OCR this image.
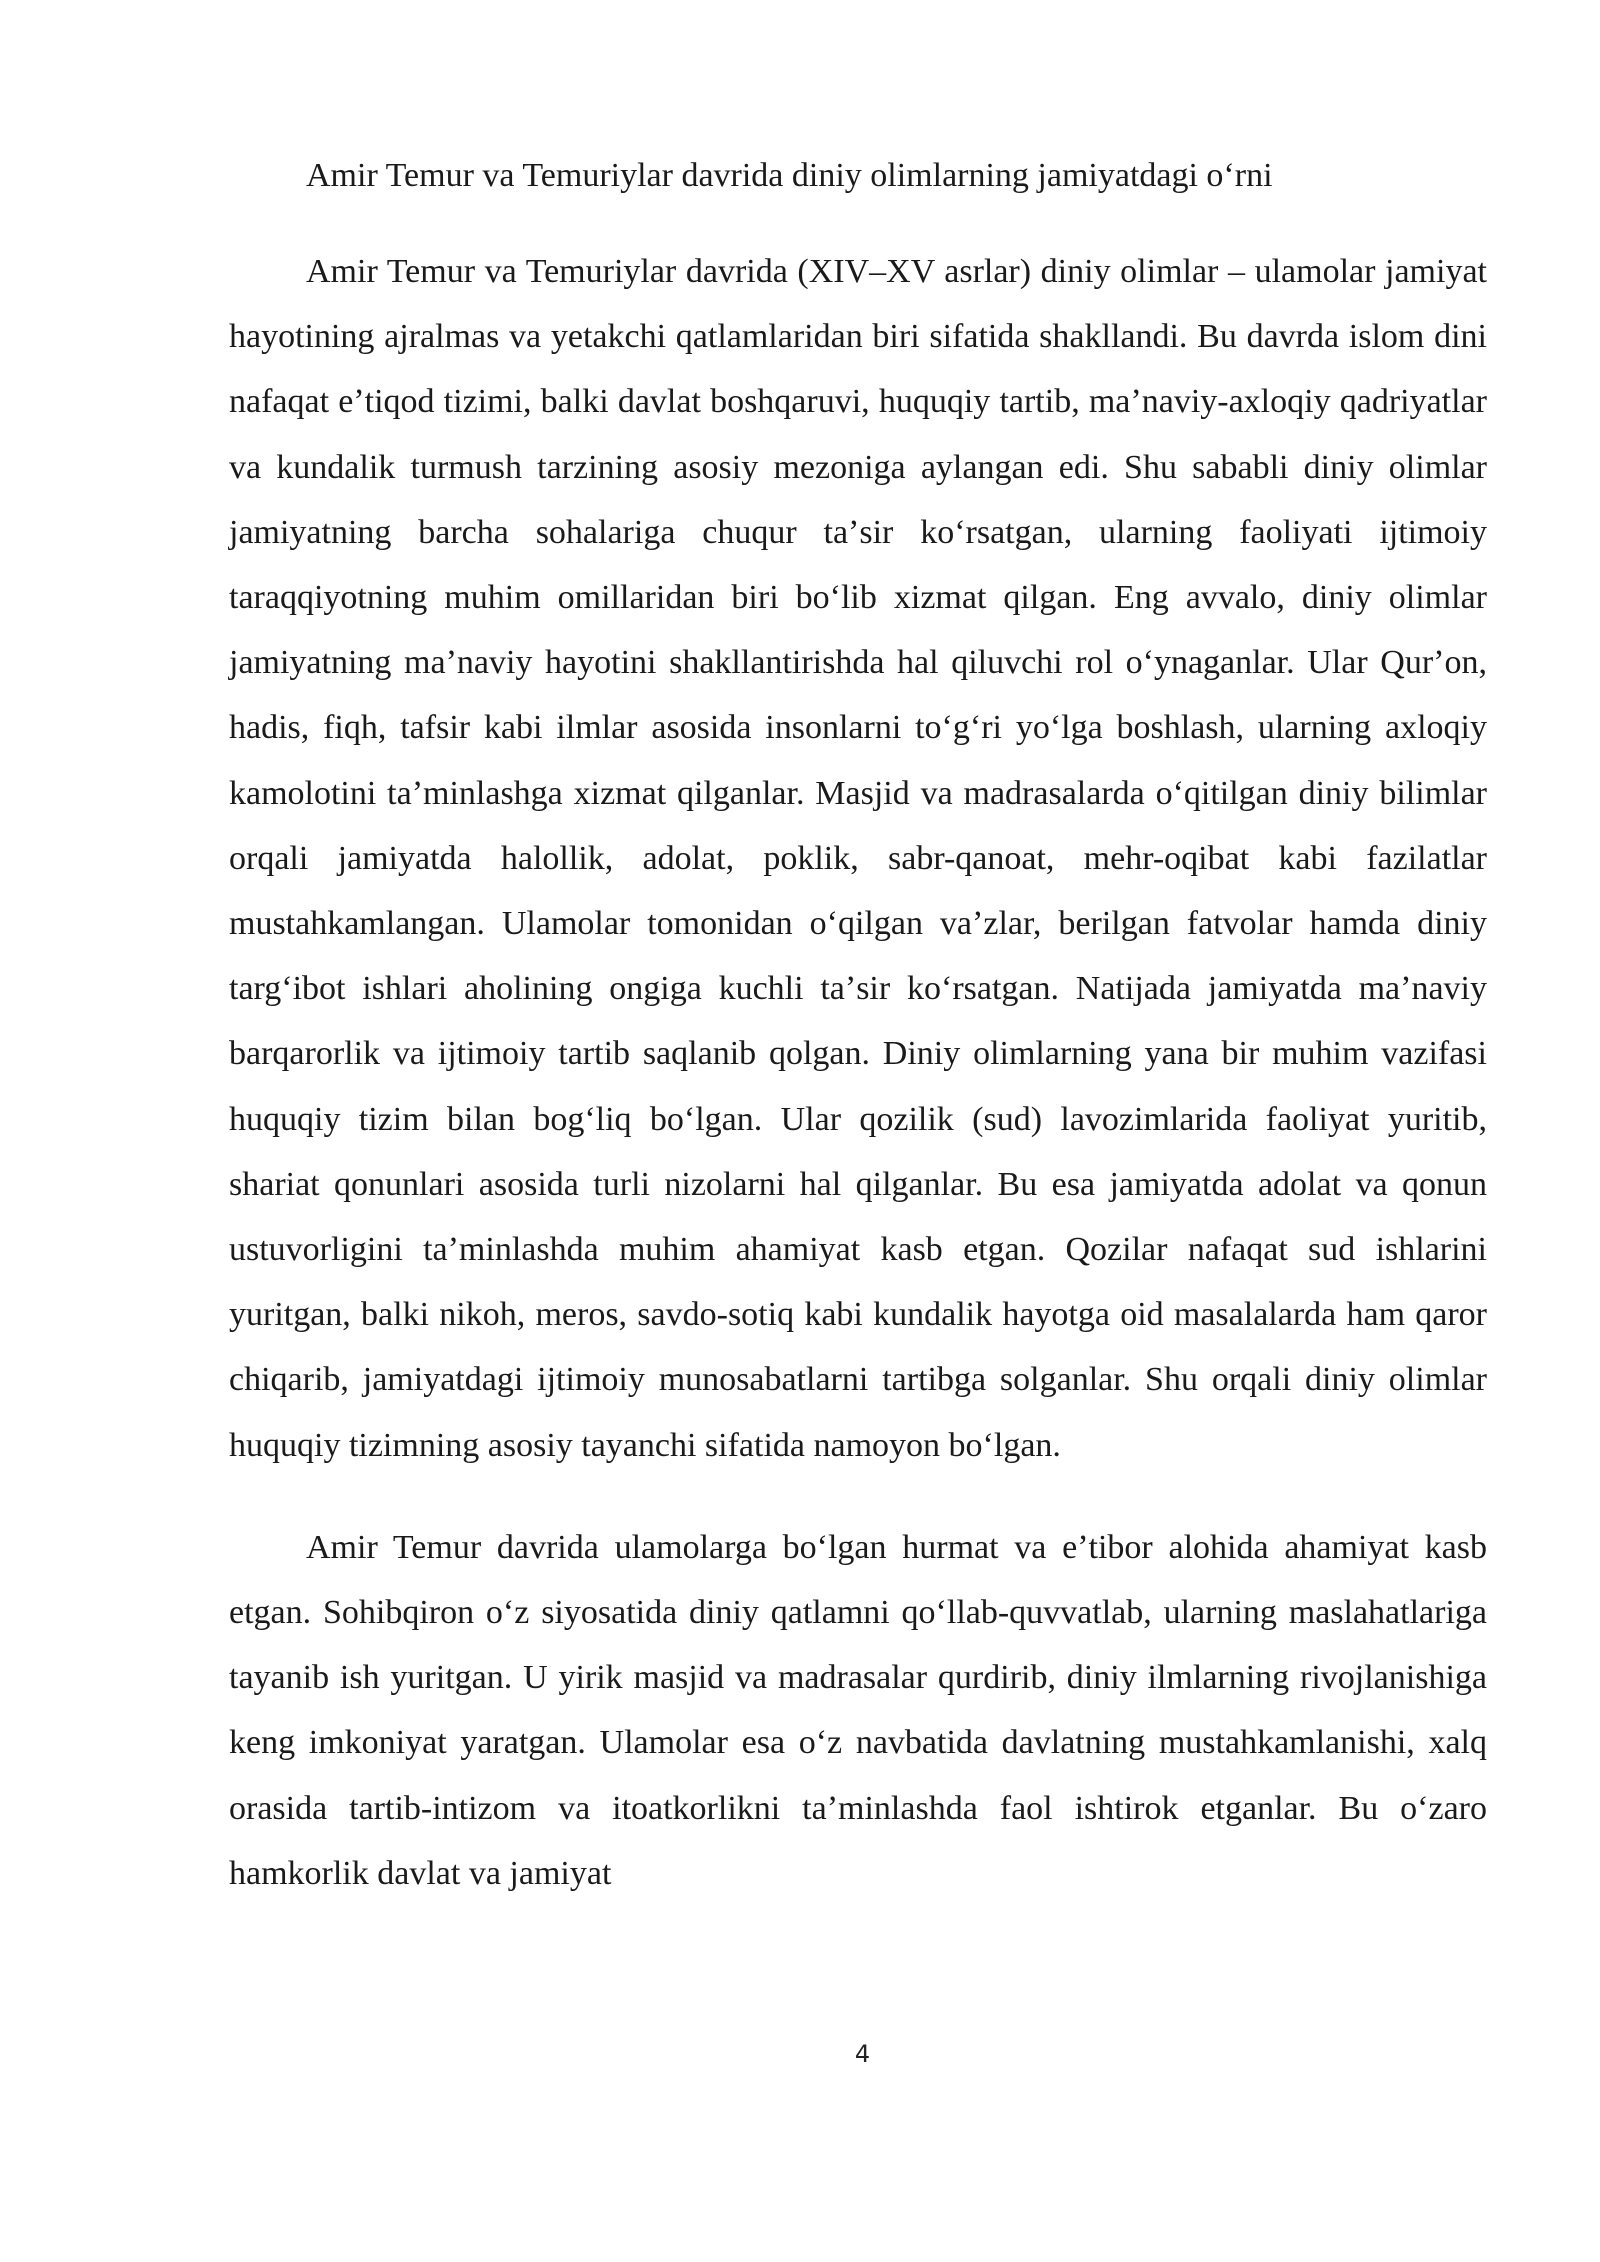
Amir Temur va Temuriylar davrida diniy olimlarning jamiyatdagi oʻrni

Amir Temur va Temuriylar davrida (XIV–XV asrlar) diniy olimlar – ulamolar jamiyat hayotining ajralmas va yetakchi qatlamlaridan biri sifatida shakllandi. Bu davrda islom dini nafaqat eʼtiqod tizimi, balki davlat boshqaruvi, huquqiy tartib, maʼnaviy-axloqiy qadriyatlar va kundalik turmush tarzining asosiy mezoniga aylangan edi. Shu sababli diniy olimlar jamiyatning barcha sohalariga chuqur taʼsir koʻrsatgan, ularning faoliyati ijtimoiy taraqqiyotning muhim omillaridan biri boʻlib xizmat qilgan. Eng avvalo, diniy olimlar jamiyatning maʼnaviy hayotini shakllantirishda hal qiluvchi rol oʻynaganlar. Ular Qurʼon, hadis, fiqh, tafsir kabi ilmlar asosida insonlarni toʻgʻri yoʻlga boshlash, ularning axloqiy kamolotini taʼminlashga xizmat qilganlar. Masjid va madrasalarda oʻqitilgan diniy bilimlar orqali jamiyatda halollik, adolat, poklik, sabr-qanoat, mehr-oqibat kabi fazilatlar mustahkamlangan. Ulamolar tomonidan oʻqilgan vaʼzlar, berilgan fatvolar hamda diniy targʻibot ishlari aholining ongiga kuchli taʼsir koʻrsatgan. Natijada jamiyatda maʼnaviy barqarorlik va ijtimoiy tartib saqlanib qolgan. Diniy olimlarning yana bir muhim vazifasi huquqiy tizim bilan bogʻliq boʻlgan. Ular qozilik (sud) lavozimlarida faoliyat yuritib, shariat qonunlari asosida turli nizolarni hal qilganlar. Bu esa jamiyatda adolat va qonun ustuvorligini taʼminlashda muhim ahamiyat kasb etgan. Qozilar nafaqat sud ishlarini yuritgan, balki nikoh, meros, savdo-sotiq kabi kundalik hayotga oid masalalarda ham qaror chiqarib, jamiyatdagi ijtimoiy munosabatlarni tartibga solganlar. Shu orqali diniy olimlar huquqiy tizimning asosiy tayanchi sifatida namoyon boʻlgan.

Amir Temur davrida ulamolarga boʻlgan hurmat va eʼtibor alohida ahamiyat kasb etgan. Sohibqiron oʻz siyosatida diniy qatlamni qoʻllab-quvvatlab, ularning maslahatlariga tayanib ish yuritgan. U yirik masjid va madrasalar qurdirib, diniy ilmlarning rivojlanishiga keng imkoniyat yaratgan. Ulamolar esa oʻz navbatida davlatning mustahkamlanishi, xalq orasida tartib-intizom va itoatkorlikni taʼminlashda faol ishtirok etganlar. Bu oʻzaro hamkorlik davlat va jamiyat

4
